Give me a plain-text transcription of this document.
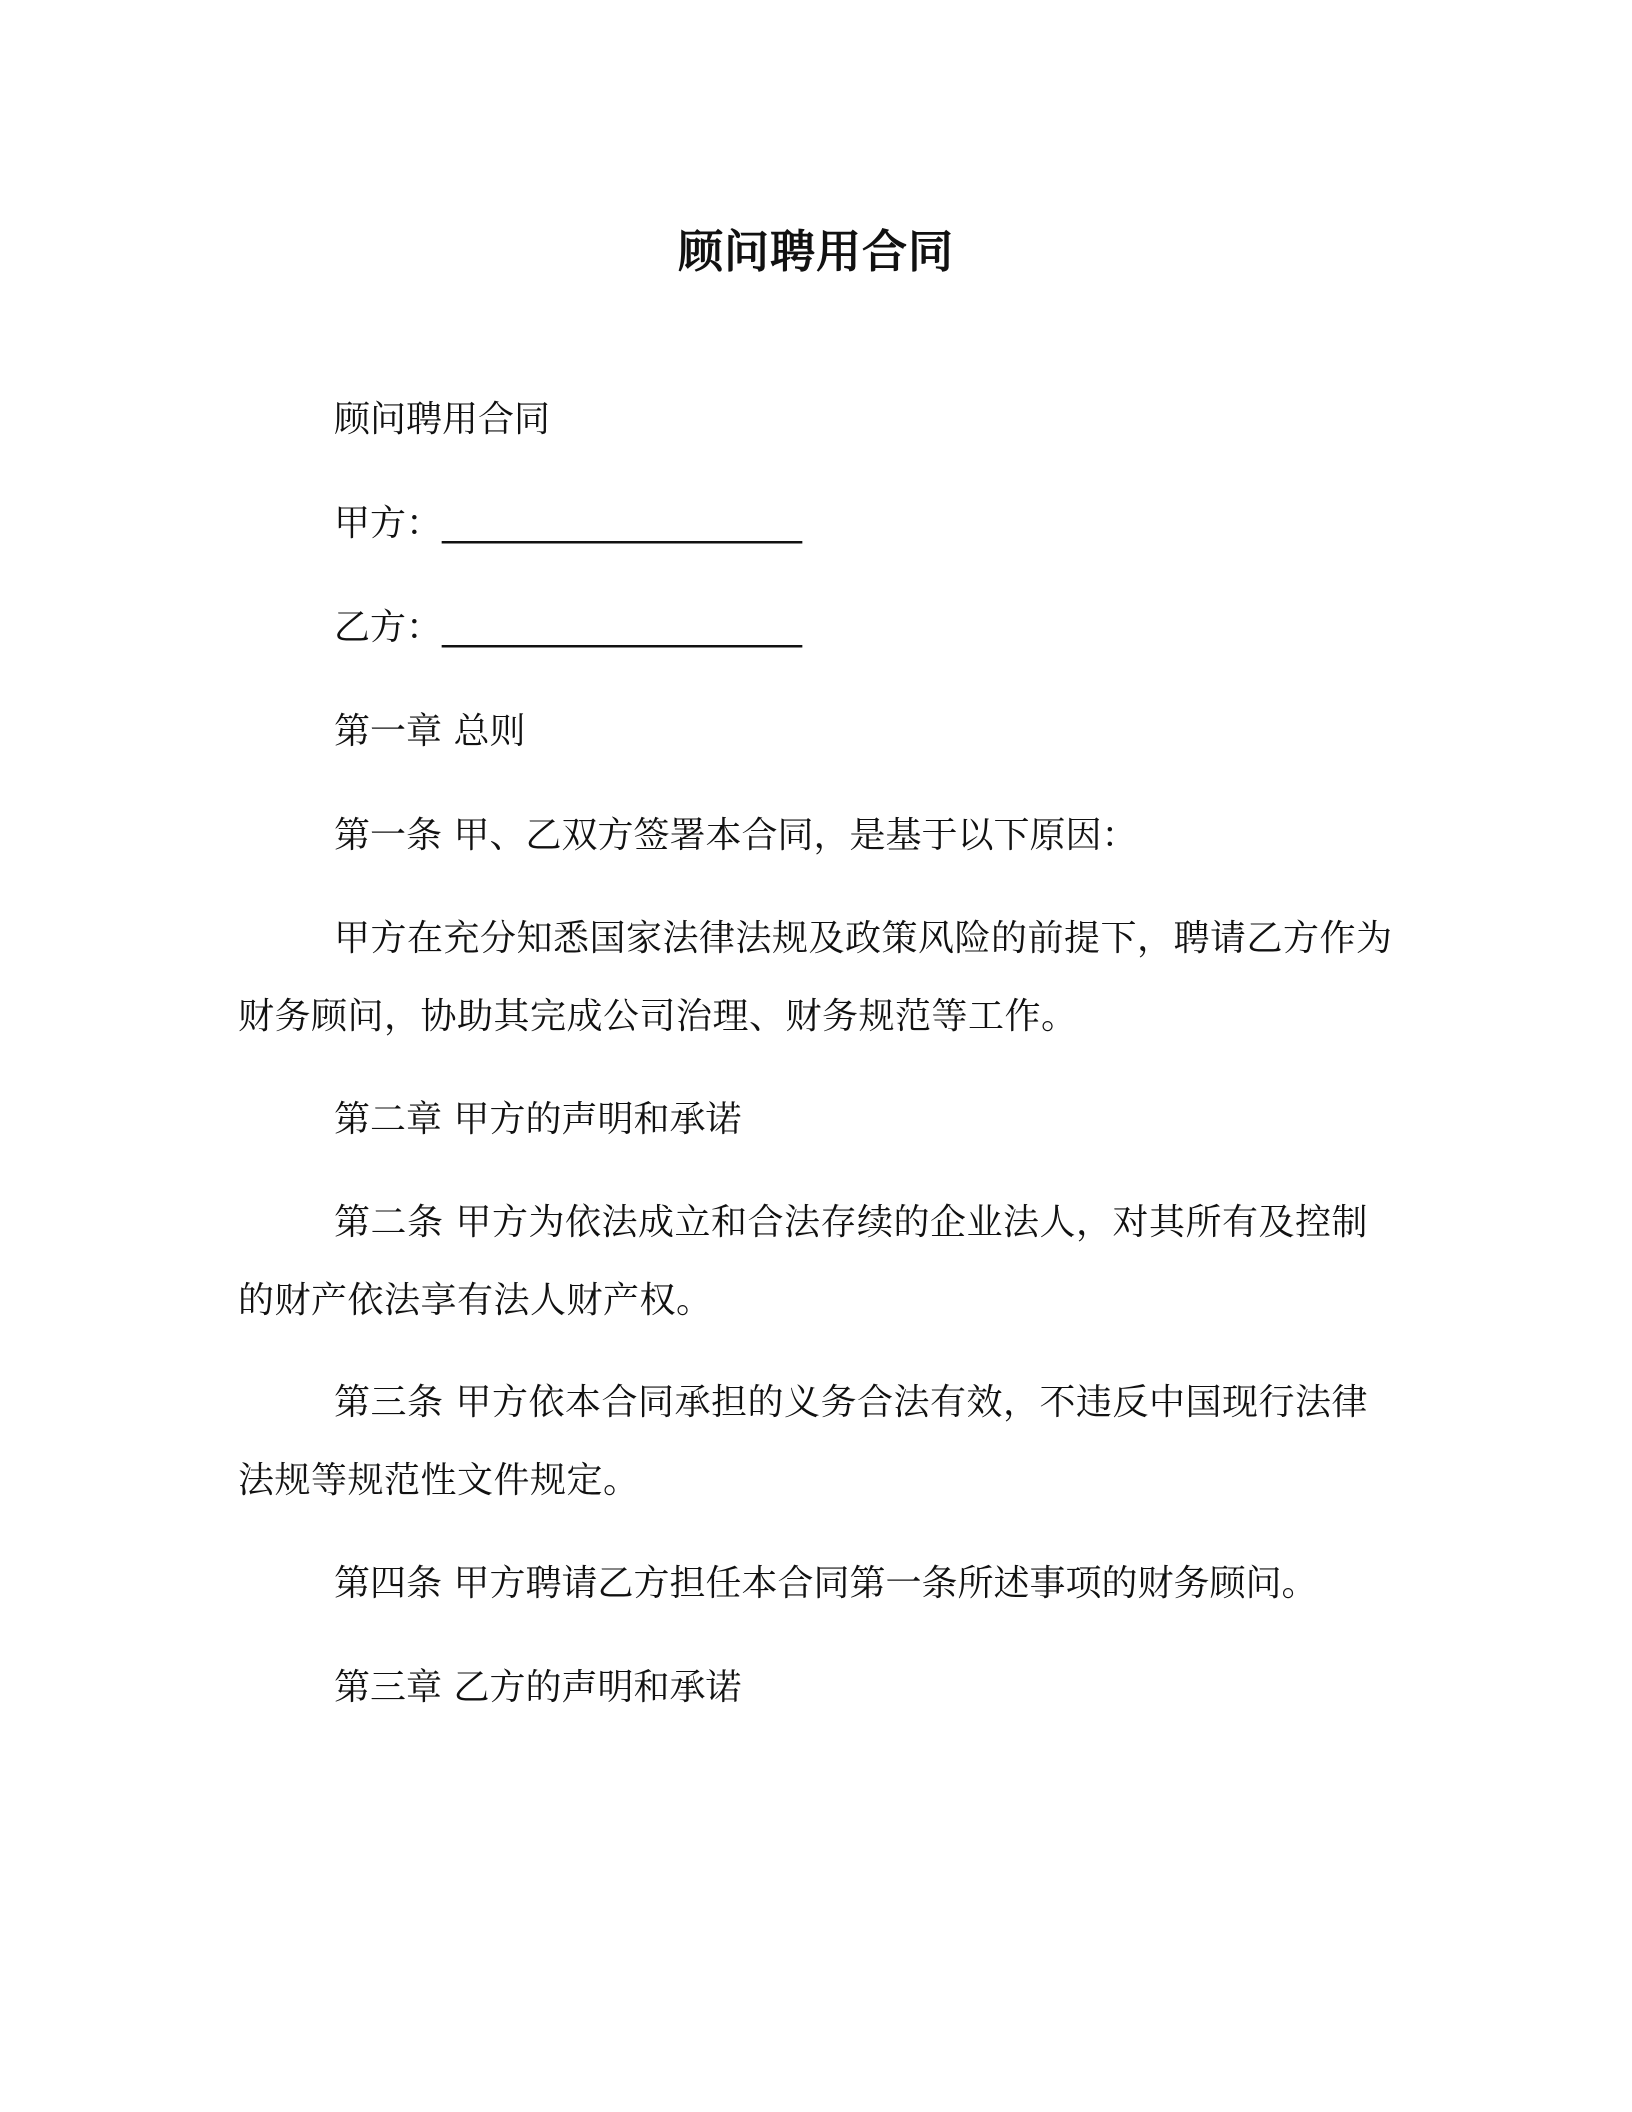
顾问聘用合同
顾问聘用合同
甲方：____________________
乙方：____________________
第一章 总则
第一条 甲、乙双方签署本合同，是基于以下原因：
甲方在充分知悉国家法律法规及政策风险的前提下，聘请乙方作为财务顾问，协助其完成公司治理、财务规范等工作。
第二章 甲方的声明和承诺
第二条 甲方为依法成立和合法存续的企业法人，对其所有及控制的财产依法享有法人财产权。
第三条 甲方依本合同承担的义务合法有效，不违反中国现行法律法规等规范性文件规定。
第四条 甲方聘请乙方担任本合同第一条所述事项的财务顾问。
第三章 乙方的声明和承诺
